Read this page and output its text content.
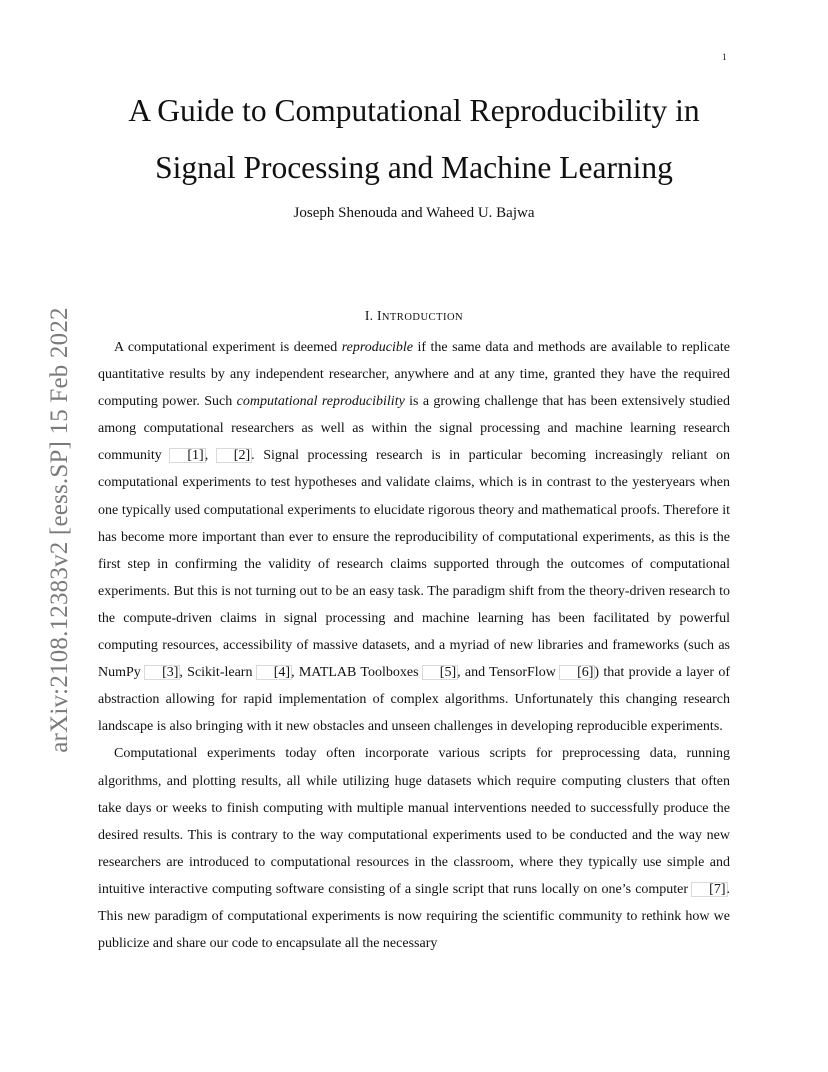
1
arXiv:2108.12383v2 [eess.SP] 15 Feb 2022
A Guide to Computational Reproducibility in Signal Processing and Machine Learning
Joseph Shenouda and Waheed U. Bajwa
I. INTRODUCTION

A computational experiment is deemed reproducible if the same data and methods are available to replicate quantitative results by any independent researcher, anywhere and at any time, granted they have the required computing power. Such computational reproducibility is a growing challenge that has been extensively studied among computational researchers as well as within the signal processing and machine learning research community [1], [2]. Signal processing research is in particular becoming increasingly reliant on computational experiments to test hypotheses and validate claims, which is in contrast to the yesteryears when one typically used computational experiments to elucidate rigorous theory and mathematical proofs. Therefore it has become more important than ever to ensure the reproducibility of computational experiments, as this is the first step in confirming the validity of research claims supported through the outcomes of computational experiments. But this is not turning out to be an easy task. The paradigm shift from the theory-driven research to the compute-driven claims in signal processing and machine learning has been facilitated by powerful computing resources, accessibility of massive datasets, and a myriad of new libraries and frameworks (such as NumPy [3], Scikit-learn [4], MATLAB Toolboxes [5], and TensorFlow [6]) that provide a layer of abstraction allowing for rapid implementation of complex algorithms. Unfortunately this changing research landscape is also bringing with it new obstacles and unseen challenges in developing reproducible experiments.

Computational experiments today often incorporate various scripts for preprocessing data, running algorithms, and plotting results, all while utilizing huge datasets which require computing clusters that often take days or weeks to finish computing with multiple manual interventions needed to successfully produce the desired results. This is contrary to the way computational experiments used to be conducted and the way new researchers are introduced to computational resources in the classroom, where they typically use simple and intuitive interactive computing software consisting of a single script that runs locally on one’s computer [7]. This new paradigm of computational experiments is now requiring the scientific community to rethink how we publicize and share our code to encapsulate all the necessary
